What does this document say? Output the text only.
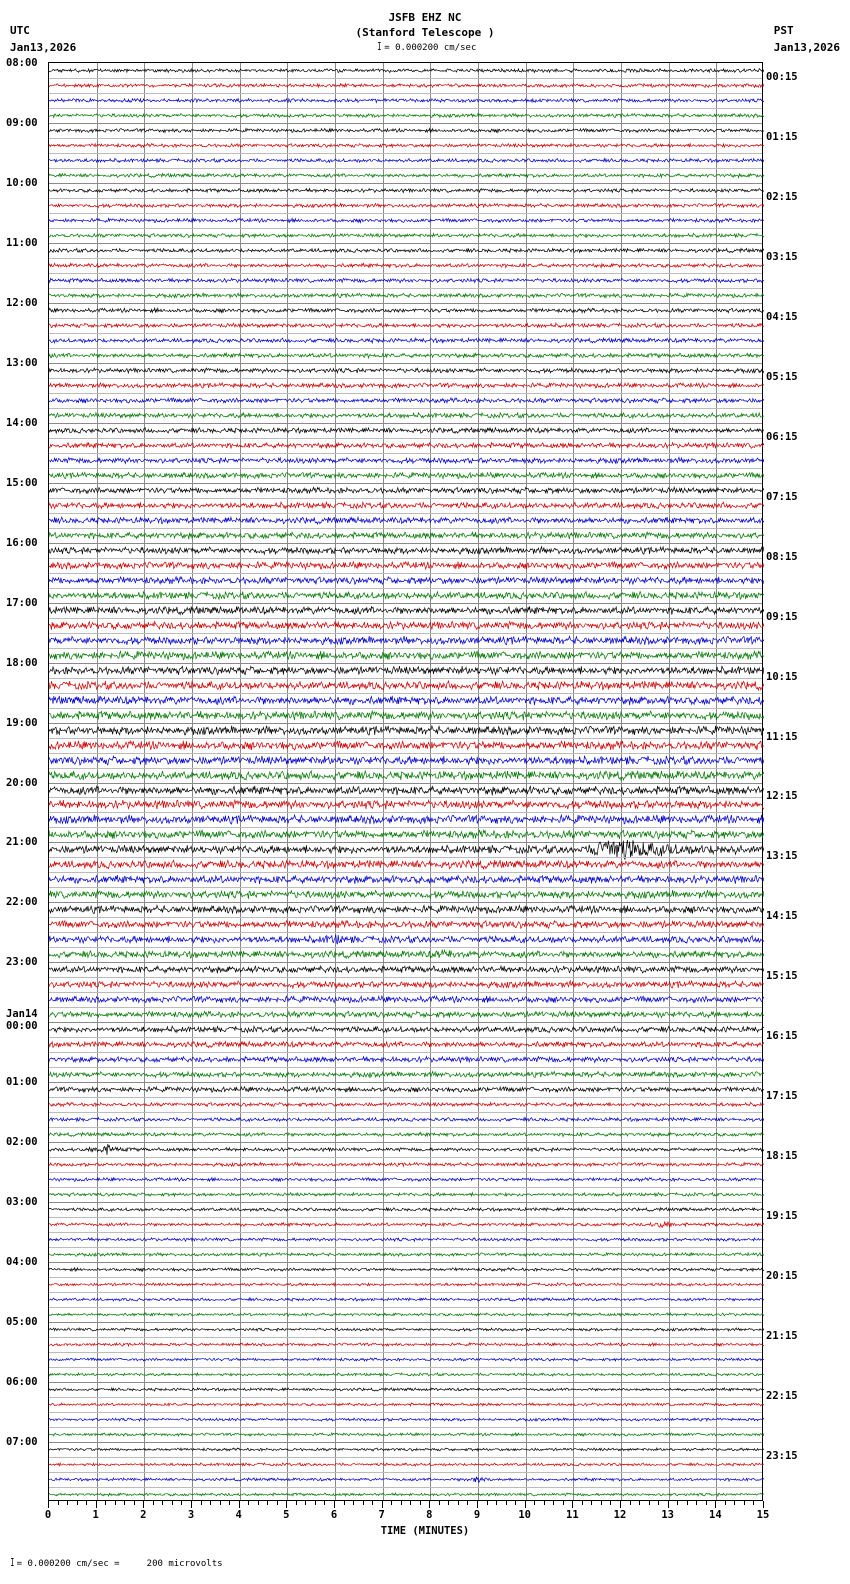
JSFB EHZ NC
(Stanford Telescope )
I = 0.000200 cm/sec
UTC
Jan13,2026
PST
Jan13,2026
08:00
09:00
10:00
11:00
12:00
13:00
14:00
15:00
16:00
17:00
18:00
19:00
20:00
21:00
22:00
23:00
Jan14
00:00
01:00
02:00
03:00
04:00
05:00
06:00
07:00
00:15
01:15
02:15
03:15
04:15
05:15
06:15
07:15
08:15
09:15
10:15
11:15
12:15
13:15
14:15
15:15
16:15
17:15
18:15
19:15
20:15
21:15
22:15
23:15
0	1	2	3	4	5	6	7	8	9	10	11	12	13	14	15
TIME (MINUTES)
I = 0.000200 cm/sec =     200 microvolts
